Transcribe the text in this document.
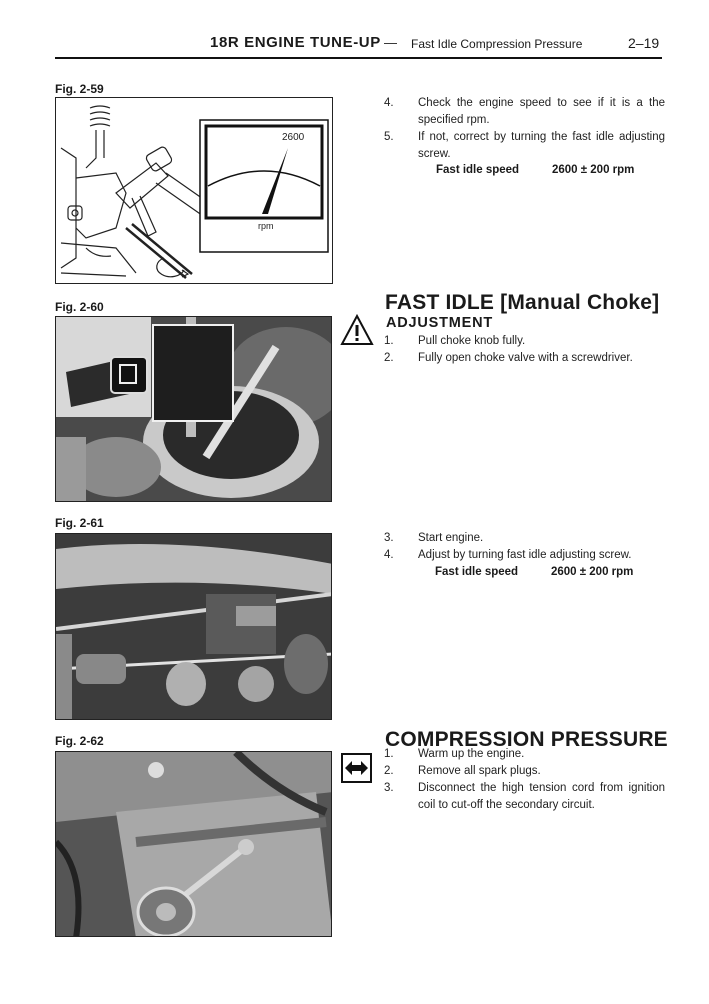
18R ENGINE TUNE-UP — Fast Idle Compression Pressure	2–19
Fig. 2-59
2600
rpm
4.	Check the engine speed to see if it is a the specified rpm.
5.	If not, correct by turning the fast idle adjusting screw.
Fast idle speed	2600 ± 200 rpm
Fig. 2-60	FAST IDLE [Manual Choke]
ADJUSTMENT
1.	Pull choke knob fully.
2.	Fully open choke valve with a screwdriver.
Fig. 2-61
3.	Start engine.
4.	Adjust by turning fast idle adjusting screw.
Fast idle speed	2600 ± 200 rpm
Fig. 2-62	COMPRESSION PRESSURE
1.	Warm up the engine.
2.	Remove all spark plugs.
3.	Disconnect the high tension cord from ignition coil to cut-off the secondary circuit.
